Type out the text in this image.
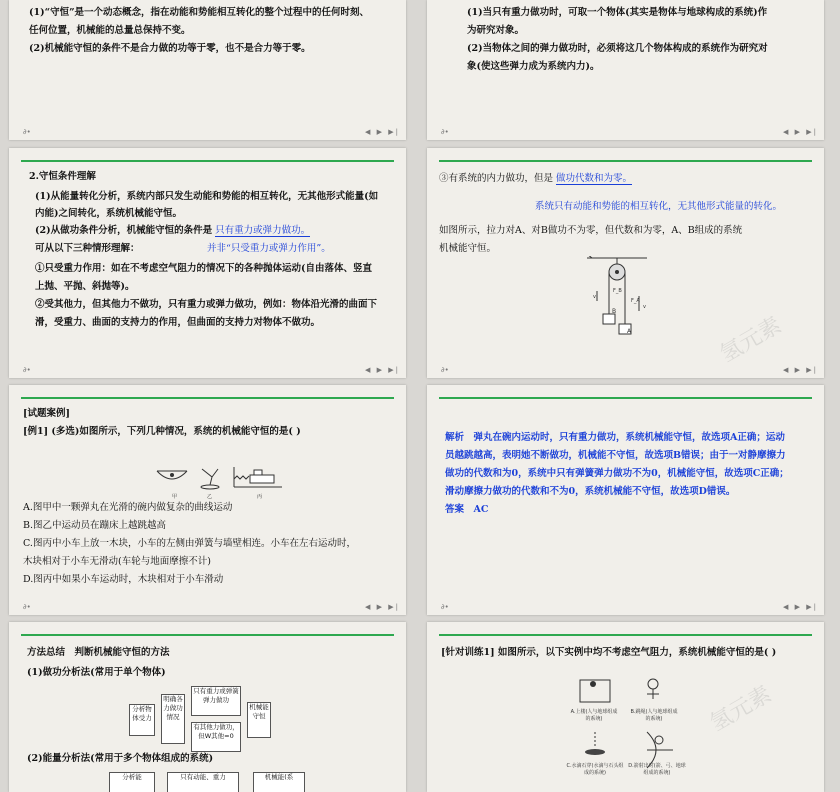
(1)“守恒”是一个动态概念，指在动能和势能相互转化的整个过程中的任何时刻、
任何位置，机械能的总量总保持不变。
(2)机械能守恒的条件不是合力做的功等于零，也不是合力等于零。
∂•	◀ ▶ ▶|
(1)当只有重力做功时，可取一个物体(其实是物体与地球构成的系统)作
为研究对象。
(2)当物体之间的弹力做功时，必须将这几个物体构成的系统作为研究对
象(使这些弹力成为系统内力)。
∂•	◀ ▶ ▶|
2.守恒条件理解
(1)从能量转化分析，系统内部只发生动能和势能的相互转化，无其他形式能量(如
内能)之间转化，系统机械能守恒。
(2)从做功条件分析，机械能守恒的条件是 只有重力或弹力做功。
可从以下三种情形理解：	并非“只受重力或弹力作用”。
①只受重力作用：如在不考虑空气阻力的情况下的各种抛体运动(自由落体、竖直
上抛、平抛、斜抛等)。
②受其他力，但其他力不做功，只有重力或弹力做功，例如：物体沿光滑的曲面下
滑，受重力、曲面的支持力的作用，但曲面的支持力对物体不做功。
∂•	◀ ▶ ▶|
③有系统的内力做功，但是 做功代数和为零。
系统只有动能和势能的相互转化，无其他形式能量的转化。
如图所示，拉力对A、对B做功不为零，但代数和为零，A、B组成的系统
机械能守恒。
B
A
F_B
F_A
v
v
氢元素
∂•	◀ ▶ ▶|
[试题案例]
[例1] (多选)如图所示，下列几种情况，系统的机械能守恒的是( )
甲	乙	丙
A.图甲中一颗弹丸在光滑的碗内做复杂的曲线运动
B.图乙中运动员在蹦床上越跳越高
C.图丙中小车上放一木块，小车的左侧由弹簧与墙壁相连。小车在左右运动时，
木块相对于小车无滑动(车轮与地面摩擦不计)
D.图丙中如果小车运动时，木块相对于小车滑动
∂•	◀ ▶ ▶|
解析　弹丸在碗内运动时，只有重力做功，系统机械能守恒，故选项A正确；运动
员越跳越高，表明她不断做功，机械能不守恒，故选项B错误；由于一对静摩擦力
做功的代数和为0，系统中只有弹簧弹力做功不为0，机械能守恒，故选项C正确；
滑动摩擦力做功的代数和不为0，系统机械能不守恒，故选项D错误。
答案　AC
∂•	◀ ▶ ▶|
方法总结　判断机械能守恒的方法
(1)做功分析法(常用于单个物体)
分析物体受力
明确各力做功情况
只有重力或弹簧弹力做功
有其他力做功，但W其他=0
机械能守恒
(2)能量分析法(常用于多个物体组成的系统)
分析能	只有动能、重力	机械能(系
[针对训练1] 如图所示，以下实例中均不考虑空气阻力，系统机械能守恒的是( )
A.上楼(人与地球组成的系统)
B.跳绳(人与地球组成的系统)
C.水滴石穿(水滴与石头组成的系统)
D.箭射出时(箭、弓、地球组成的系统)
氢元素
